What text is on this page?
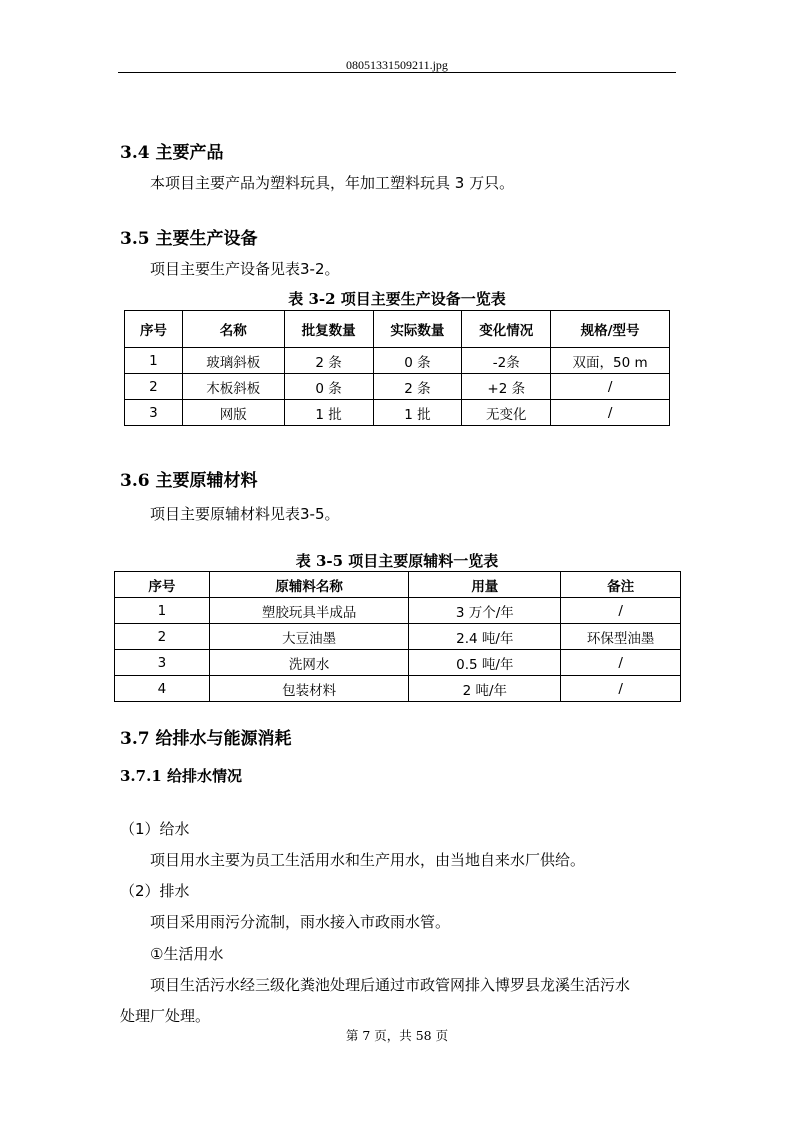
08051331509211.jpg
3.4 主要产品
本项目主要产品为塑料玩具，年加工塑料玩具 3 万只。
3.5 主要生产设备
项目主要生产设备见表3-2。
表 3-2 项目主要生产设备一览表
序号	名称	批复数量	实际数量	变化情况	规格/型号
1	玻璃斜板	2 条	0 条	-2条	双面，50 m
2	木板斜板	0 条	2 条	+2 条	/
3	网版	1 批	1 批	无变化	/
3.6 主要原辅材料
项目主要原辅材料见表3-5。
表 3-5 项目主要原辅料一览表
序号	原辅料名称	用量	备注
1	塑胶玩具半成品	3 万个/年	/
2	大豆油墨	2.4 吨/年	环保型油墨
3	洗网水	0.5 吨/年	/
4	包装材料	2 吨/年	/
3.7 给排水与能源消耗
3.7.1 给排水情况
（1）给水
项目用水主要为员工生活用水和生产用水，由当地自来水厂供给。
（2）排水
项目采用雨污分流制，雨水接入市政雨水管。
①生活用水
项目生活污水经三级化粪池处理后通过市政管网排入博罗县龙溪生活污水
处理厂处理。
第 7 页，共 58 页
